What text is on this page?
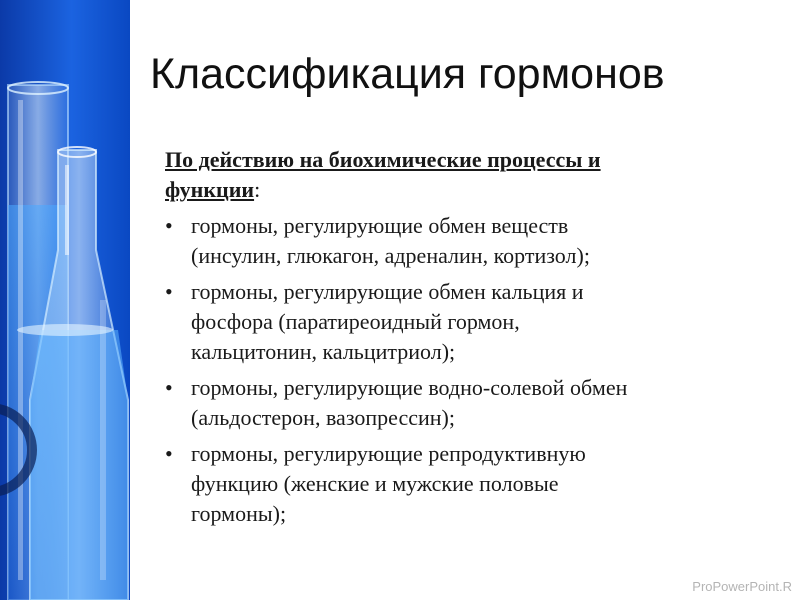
Классификация гормонов
По действию на биохимические процессы и
функции:
• гормоны, регулирующие обмен веществ
(инсулин, глюкагон, адреналин, кортизол);
• гормоны, регулирующие обмен кальция и
фосфора (паратиреоидный гормон,
кальцитонин, кальцитриол);
• гормоны, регулирующие водно-солевой обмен
(альдостерон, вазопрессин);
• гормоны, регулирующие репродуктивную
функцию (женские и мужские половые
гормоны);
ProPowerPoint.R
